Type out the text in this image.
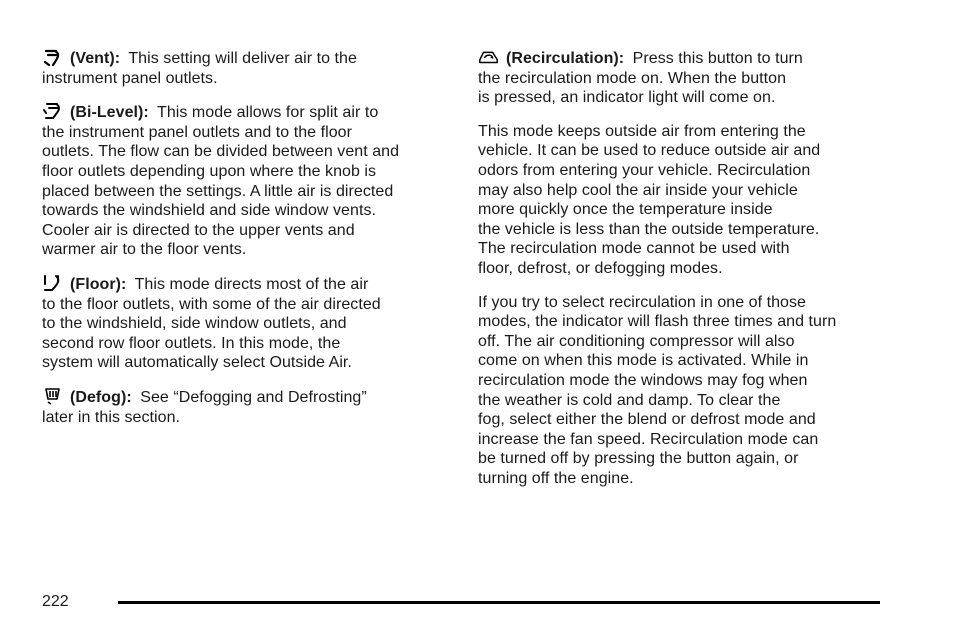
(Vent): This setting will deliver air to the
instrument panel outlets.

(Bi-Level): This mode allows for split air to
the instrument panel outlets and to the floor
outlets. The flow can be divided between vent and
floor outlets depending upon where the knob is
placed between the settings. A little air is directed
towards the windshield and side window vents.
Cooler air is directed to the upper vents and
warmer air to the floor vents.

(Floor): This mode directs most of the air
to the floor outlets, with some of the air directed
to the windshield, side window outlets, and
second row floor outlets. In this mode, the
system will automatically select Outside Air.

(Defog): See “Defogging and Defrosting”
later in this section.

(Recirculation): Press this button to turn
the recirculation mode on. When the button
is pressed, an indicator light will come on.

This mode keeps outside air from entering the
vehicle. It can be used to reduce outside air and
odors from entering your vehicle. Recirculation
may also help cool the air inside your vehicle
more quickly once the temperature inside
the vehicle is less than the outside temperature.
The recirculation mode cannot be used with
floor, defrost, or defogging modes.

If you try to select recirculation in one of those
modes, the indicator will flash three times and turn
off. The air conditioning compressor will also
come on when this mode is activated. While in
recirculation mode the windows may fog when
the weather is cold and damp. To clear the
fog, select either the blend or defrost mode and
increase the fan speed. Recirculation mode can
be turned off by pressing the button again, or
turning off the engine.

222
